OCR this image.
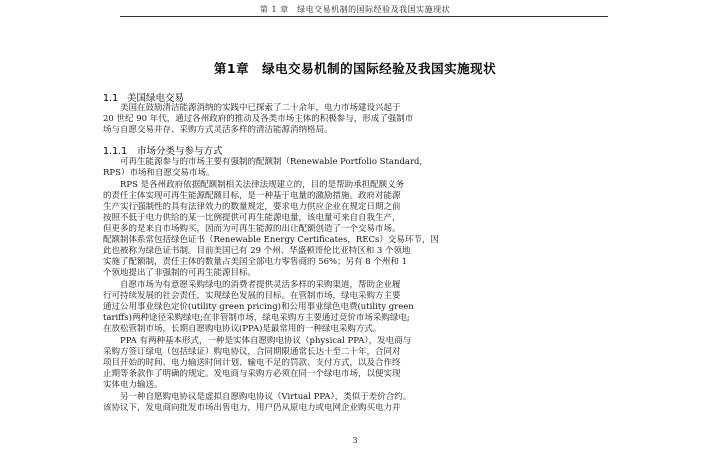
第 1 章　绿电交易机制的国际经验及我国实施现状
第1章　绿电交易机制的国际经验及我国实施现状
1.1 美国绿电交易
美国在鼓励清洁能源消纳的实践中已探索了二十余年，电力市场建设兴起于
20 世纪 90 年代，通过各州政府的推动及各类市场主体的积极参与，形成了强制市
场与自愿交易并存、采购方式灵活多样的清洁能源消纳格局。
1.1.1 市场分类与参与方式
可再生能源参与的市场主要有强制的配额制（Renewable Portfolio Standard,
RPS）市场和自愿交易市场。
RPS 是各州政府依据配额制相关法律法规建立的，目的是帮助承担配额义务
的责任主体实现可再生能源配额目标，是一种基于电量的激励措施。政府对能源
生产实行强制性的具有法律效力的数量规定，要求电力供应企业在规定日期之前
按照不低于电力供给的某一比例提供可再生能源电量，该电量可来自自我生产，
但更多的是来自市场购买，因而为可再生能源的出让配额创造了一个交易市场。
配额制体系常包括绿色证书（Renewable Energy Certificates，RECs）交易环节，因
此也被称为绿色证书制。目前美国已有 29 个州、华盛顿哥伦比亚特区和 3 个领地
实施了配额制，责任主体的数量占美国全部电力零售商的 56%；另有 8 个州和 1
个领地提出了非强制的可再生能源目标。
自愿市场为有意愿采购绿电的消费者提供灵活多样的采购渠道，帮助企业履
行可持续发展的社会责任，实现绿色发展的目标。在管制市场，绿电采购方主要
通过公用事业绿色定价(utility green pricing)和公用事业绿色电费(utility green
tariffs)两种途径采购绿电;在非管制市场，绿电采购方主要通过竞价市场采购绿电;
在放松管制市场，长期自愿购电协议(PPA)是最常用的一种绿电采购方式。
PPA 有两种基本形式，一种是实体自愿购电协议（physical PPA），发电商与
采购方签订绿电（包括绿证）购电协议，合同期限通常长达十至二十年，合同对
项目开始的时间、电力输送时间计划、输电不足的罚款、支付方式，以及合作终
止期等条款作了明确的规定。发电商与采购方必须在同一个绿电市场，以便实现
实体电力输送。
另一种自愿购电协议是虚拟自愿购电协议（Virtual PPA），类似于差价合约。
该协议下，发电商向批发市场出售电力，用户仍从原电力或电网企业购买电力并
3
